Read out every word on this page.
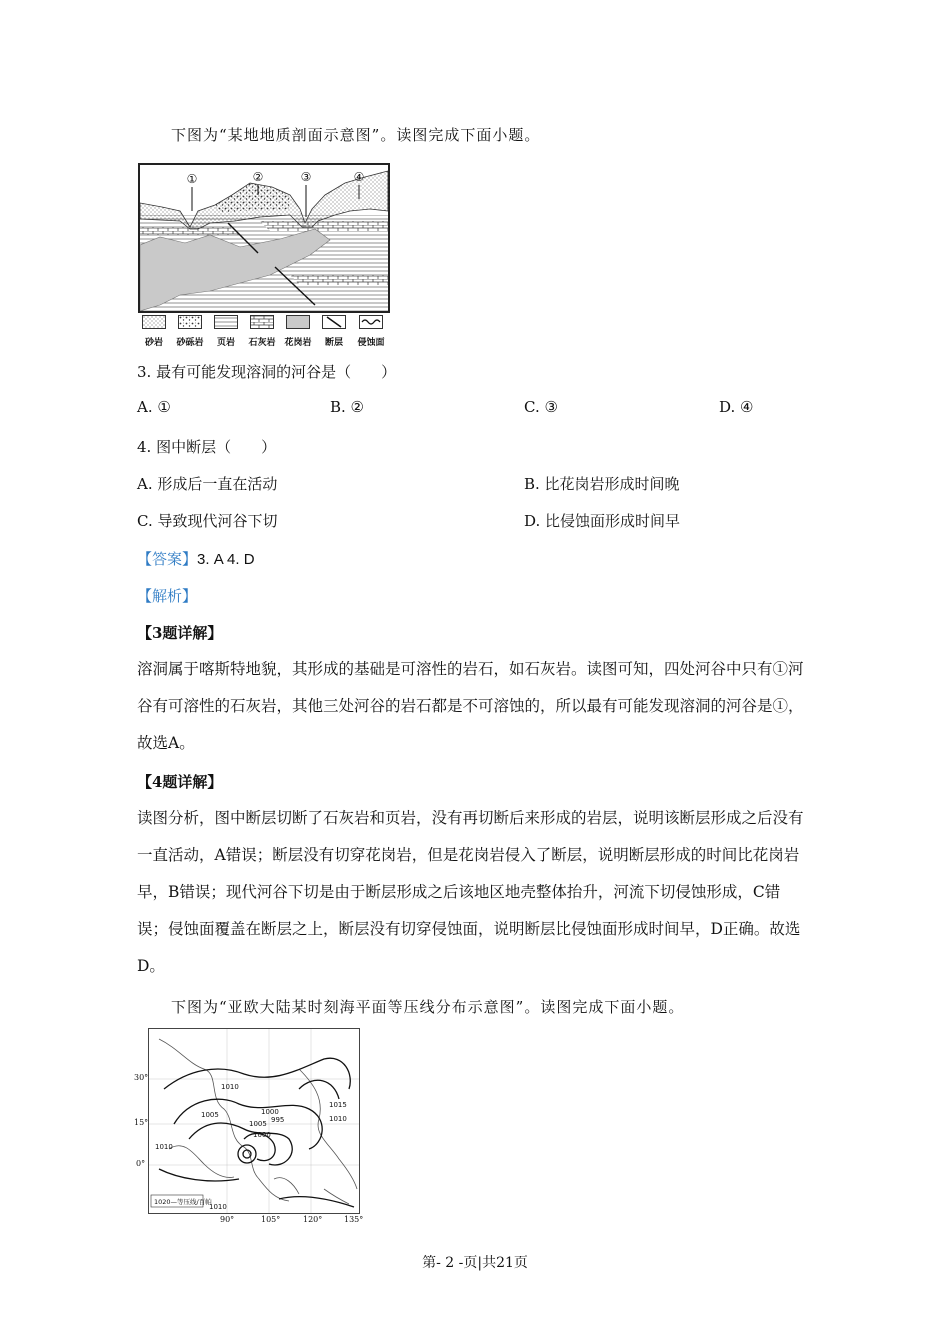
下图为“某地地质剖面示意图”。读图完成下面小题。
①	②	③	④
砂岩	砂砾岩	页岩	石灰岩 花岗岩	断层	侵蚀面
3. 最有可能发现溶洞的河谷是（　　）
A. ①	B. ②	C. ③	D. ④
4. 图中断层（　　）
A. 形成后一直在活动	B. 比花岗岩形成时间晚
C. 导致现代河谷下切	D. 比侵蚀面形成时间早
【答案】3. A 4. D
【解析】
【3题详解】
溶洞属于喀斯特地貌，其形成的基础是可溶性的岩石，如石灰岩。读图可知，四处河谷中只有①河谷有可溶性的石灰岩，其他三处河谷的岩石都是不可溶蚀的，所以最有可能发现溶洞的河谷是①，故选A。
【4题详解】
读图分析，图中断层切断了石灰岩和页岩，没有再切断后来形成的岩层，说明该断层形成之后没有一直活动，A错误；断层没有切穿花岗岩，但是花岗岩侵入了断层，说明断层形成的时间比花岗岩早，B错误；现代河谷下切是由于断层形成之后该地区地壳整体抬升，河流下切侵蚀形成，C错误；侵蚀面覆盖在断层之上，断层没有切穿侵蚀面，说明断层比侵蚀面形成时间早，D正确。故选D。
下图为“亚欧大陆某时刻海平面等压线分布示意图”。读图完成下面小题。
1010
1005	1000
995
1005
1000
1015
1010
1010
1010
1020—等压线/百帕
30°
15°
0°
90°	105°	120°	135°
第- 2 -页|共21页
